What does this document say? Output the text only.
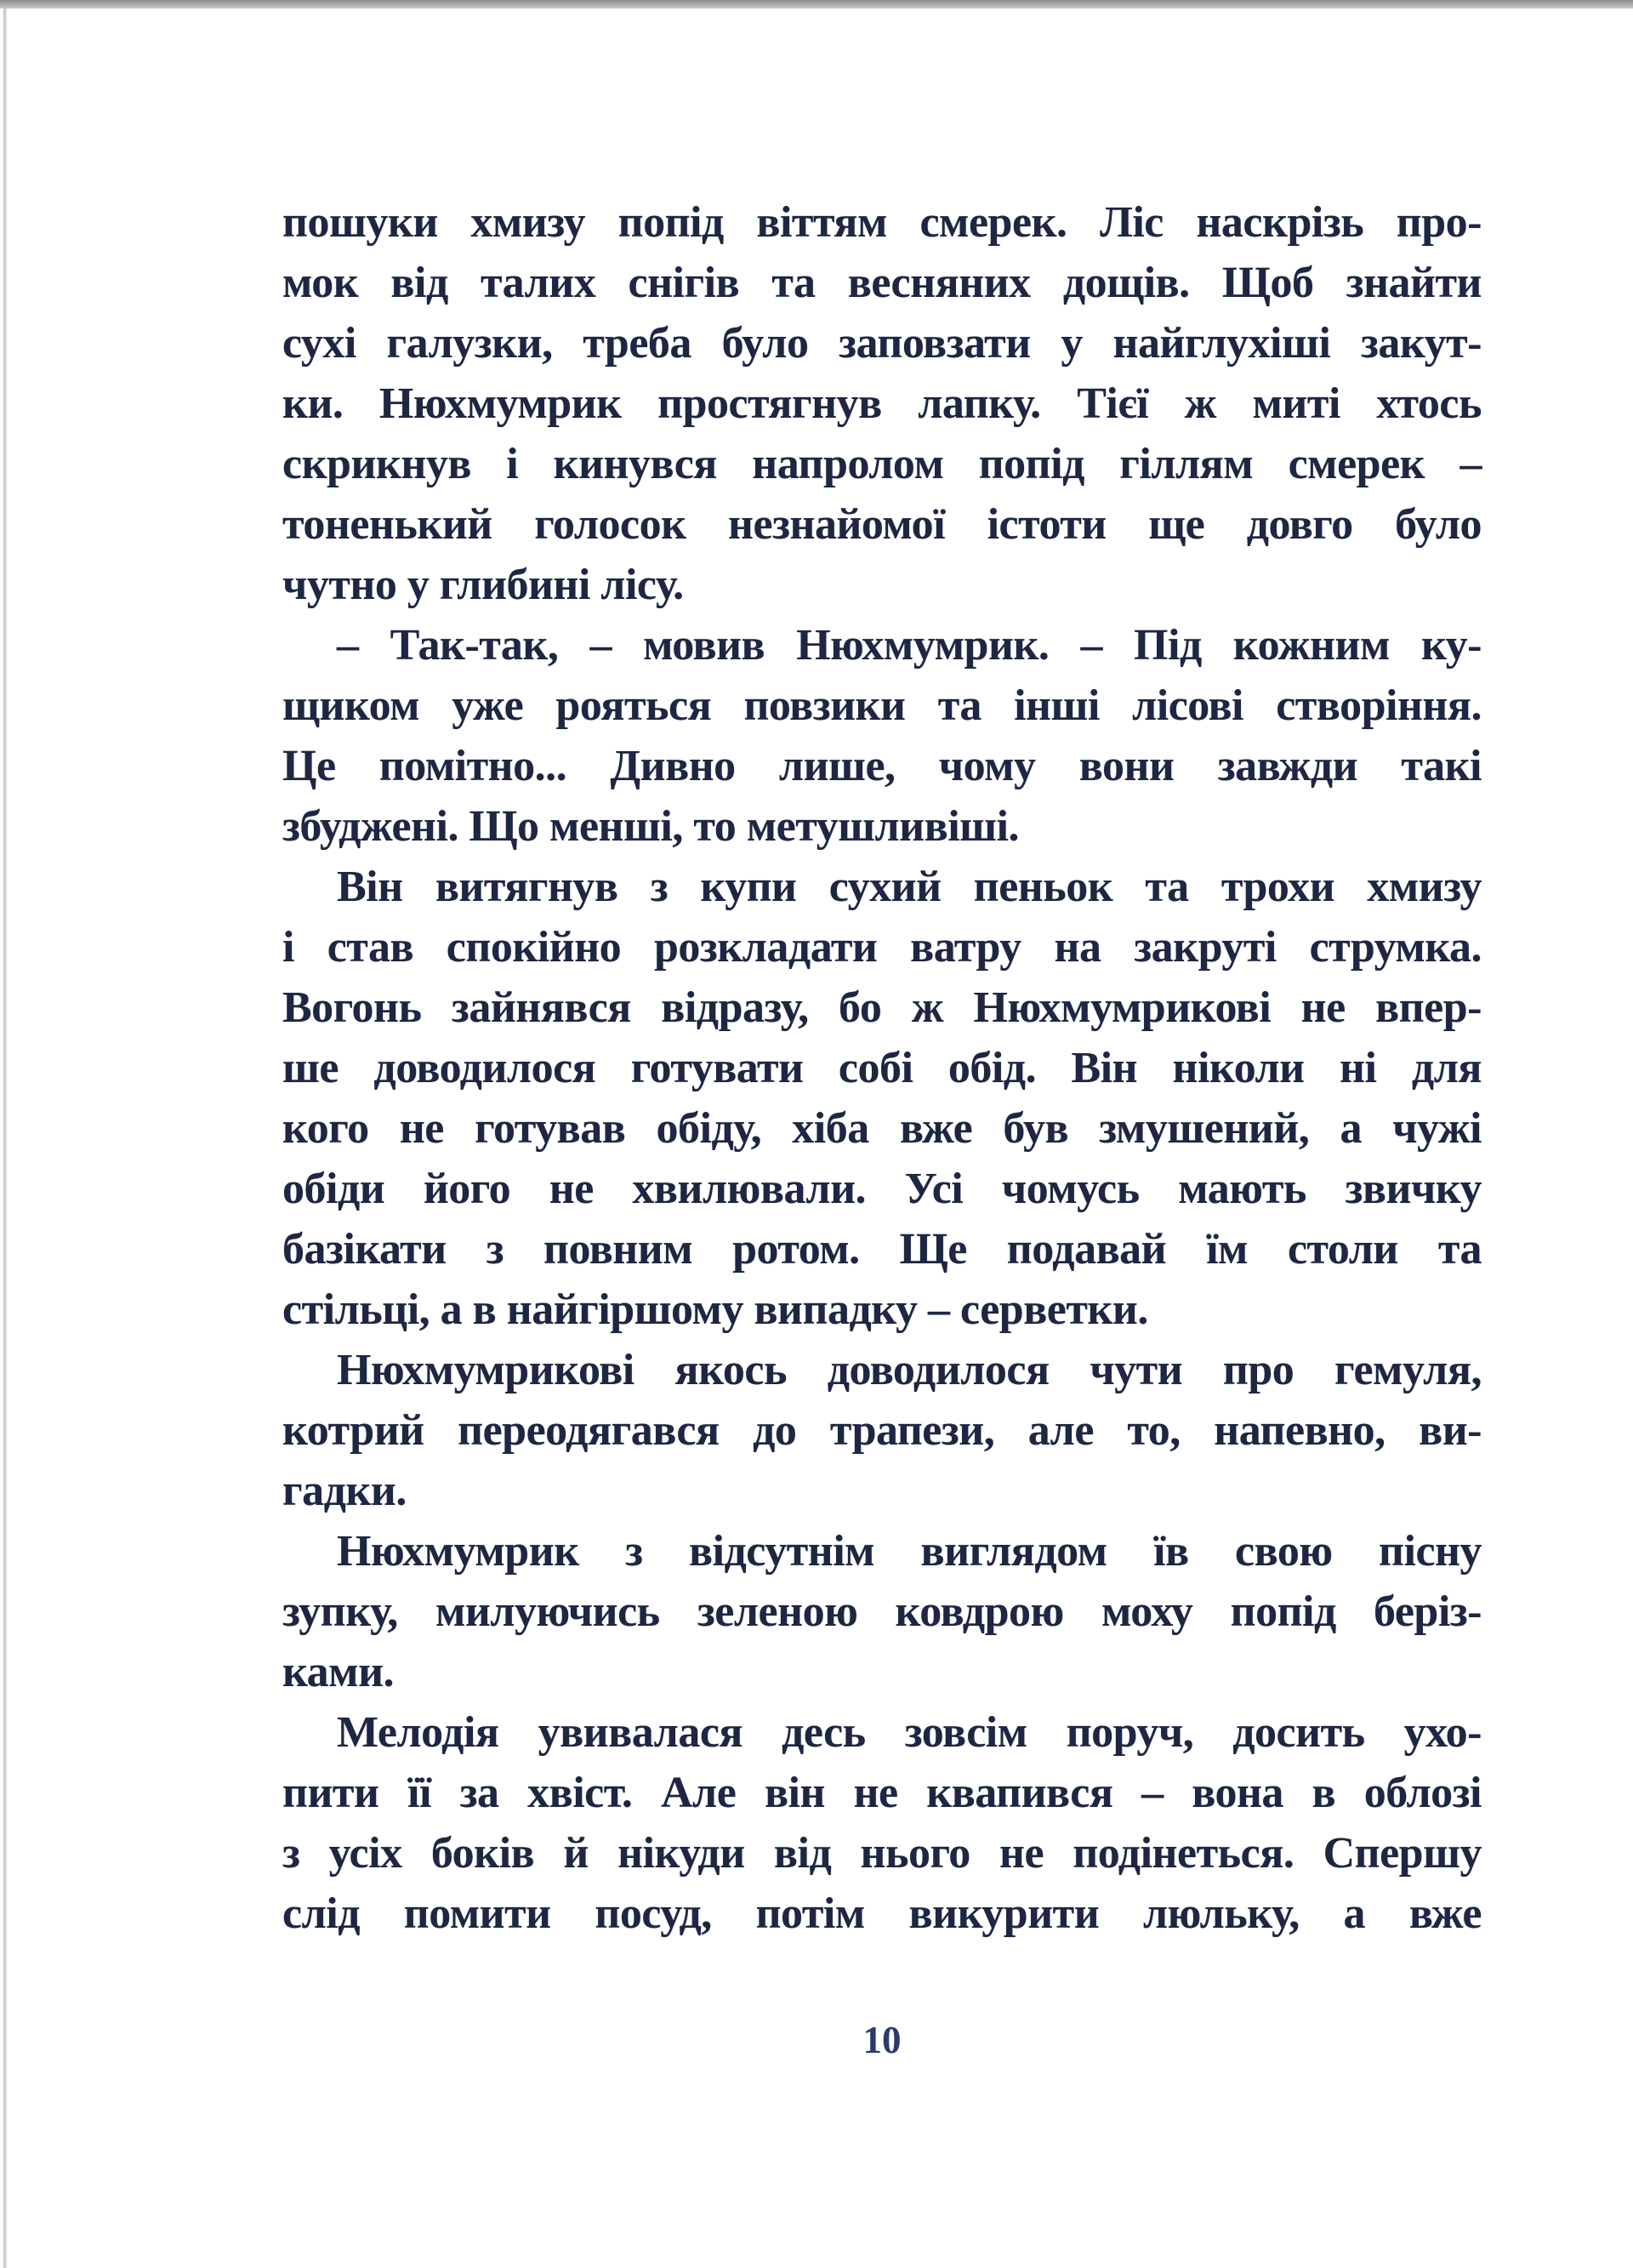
пошуки хмизу попід віттям смерек. Ліс наскрізь про-
мок від талих снігів та весняних дощів. Щоб знайти
сухі галузки, треба було заповзати у найглухіші закут-
ки. Нюхмумрик простягнув лапку. Тієї ж миті хтось
скрикнув і кинувся напролом попід гіллям смерек –
тоненький голосок незнайомої істоти ще довго було
чутно у глибині лісу.
– Так-так, – мовив Нюхмумрик. – Під кожним ку-
щиком уже рояться повзики та інші лісові створіння.
Це помітно... Дивно лише, чому вони завжди такі
збуджені. Що менші, то метушливіші.
Він витягнув з купи сухий пеньок та трохи хмизу
і став спокійно розкладати ватру на закруті струмка.
Вогонь зайнявся відразу, бо ж Нюхмумрикові не впер-
ше доводилося готувати собі обід. Він ніколи ні для
кого не готував обіду, хіба вже був змушений, а чужі
обіди його не хвилювали. Усі чомусь мають звичку
базікати з повним ротом. Ще подавай їм столи та
стільці, а в найгіршому випадку – серветки.
Нюхмумрикові якось доводилося чути про гемуля,
котрий переодягався до трапези, але то, напевно, ви-
гадки.
Нюхмумрик з відсутнім виглядом їв свою пісну
зупку, милуючись зеленою ковдрою моху попід беріз-
ками.
Мелодія увивалася десь зовсім поруч, досить ухо-
пити її за хвіст. Але він не квапився – вона в облозі
з усіх боків й нікуди від нього не подінеться. Спершу
слід помити посуд, потім викурити люльку, а вже
10
